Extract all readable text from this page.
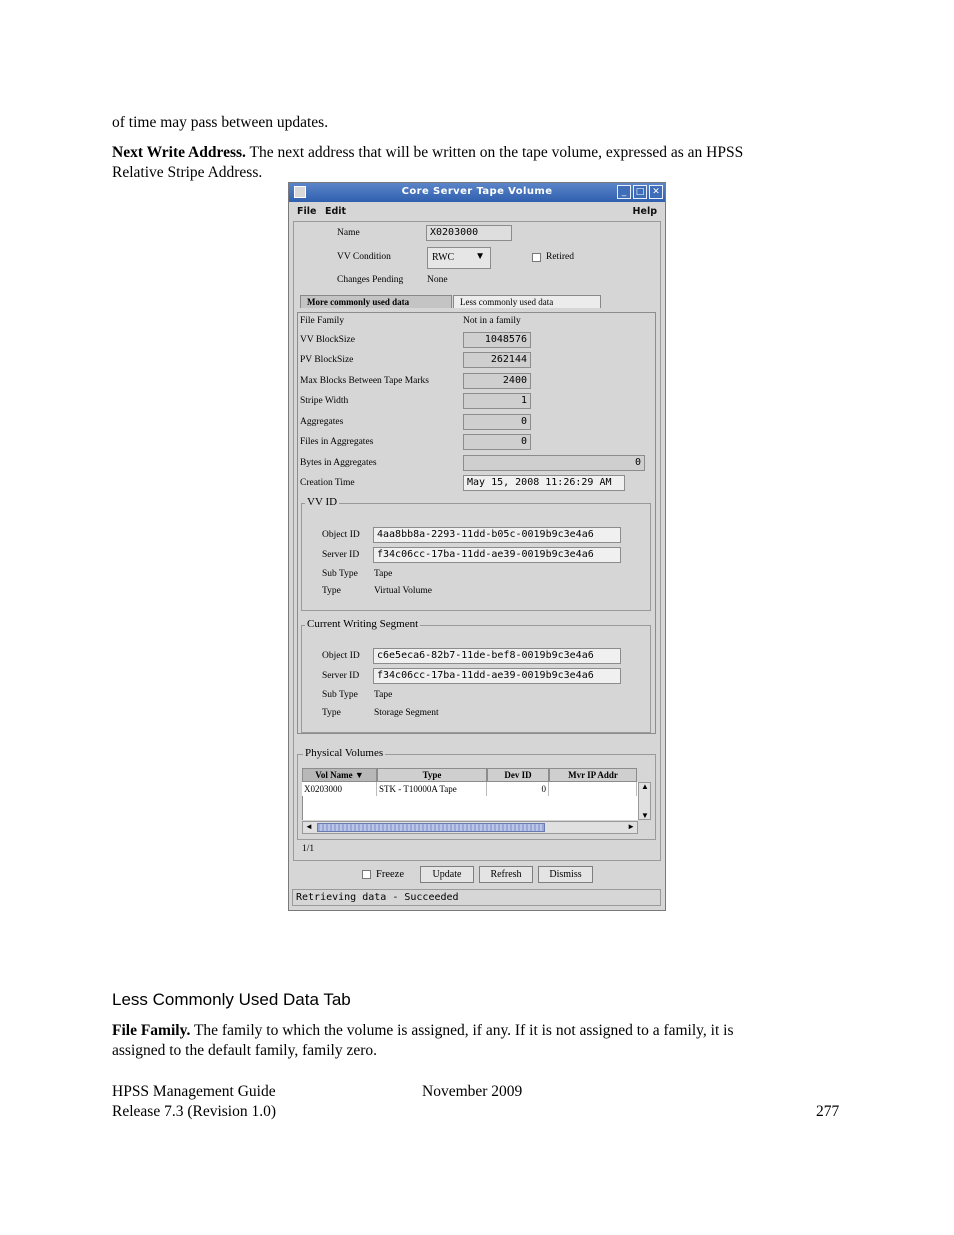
of time may pass between updates.
Next Write Address. The next address that will be written on the tape volume, expressed as an HPSS
Relative Stripe Address.
Core Server Tape Volume	_	□ ✕
File Edit	Help
Name	X0203000
VV Condition	RWC ▼	Retired
Changes Pending	None
More commonly used data	Less commonly used data
File Family	Not in a family
VV BlockSize	1048576
PV BlockSize	262144
Max Blocks Between Tape Marks	2400
Stripe Width	1
Aggregates	0
Files in Aggregates	0
Bytes in Aggregates	0
Creation Time	May 15, 2008 11:26:29 AM
VV ID
Object ID	4aa8bb8a-2293-11dd-b05c-0019b9c3e4a6
Server ID	f34c06cc-17ba-11dd-ae39-0019b9c3e4a6
Sub Type Tape
Type	Virtual Volume
Current Writing Segment
Object ID	c6e5eca6-82b7-11de-bef8-0019b9c3e4a6
Server ID	f34c06cc-17ba-11dd-ae39-0019b9c3e4a6
Sub Type Tape
Type	Storage Segment
Physical Volumes
Vol Name ▼	Type	Dev ID	Mvr IP Addr
X0203000	STK - T10000A Tape	0	▲
▼
◄	►
1/1
Freeze	Update	Refresh	Dismiss
Retrieving data - Succeeded
Less Commonly Used Data Tab
File Family. The family to which the volume is assigned, if any. If it is not assigned to a family, it is
assigned to the default family, family zero.
HPSS Management Guide	November 2009
Release 7.3 (Revision 1.0)	277
